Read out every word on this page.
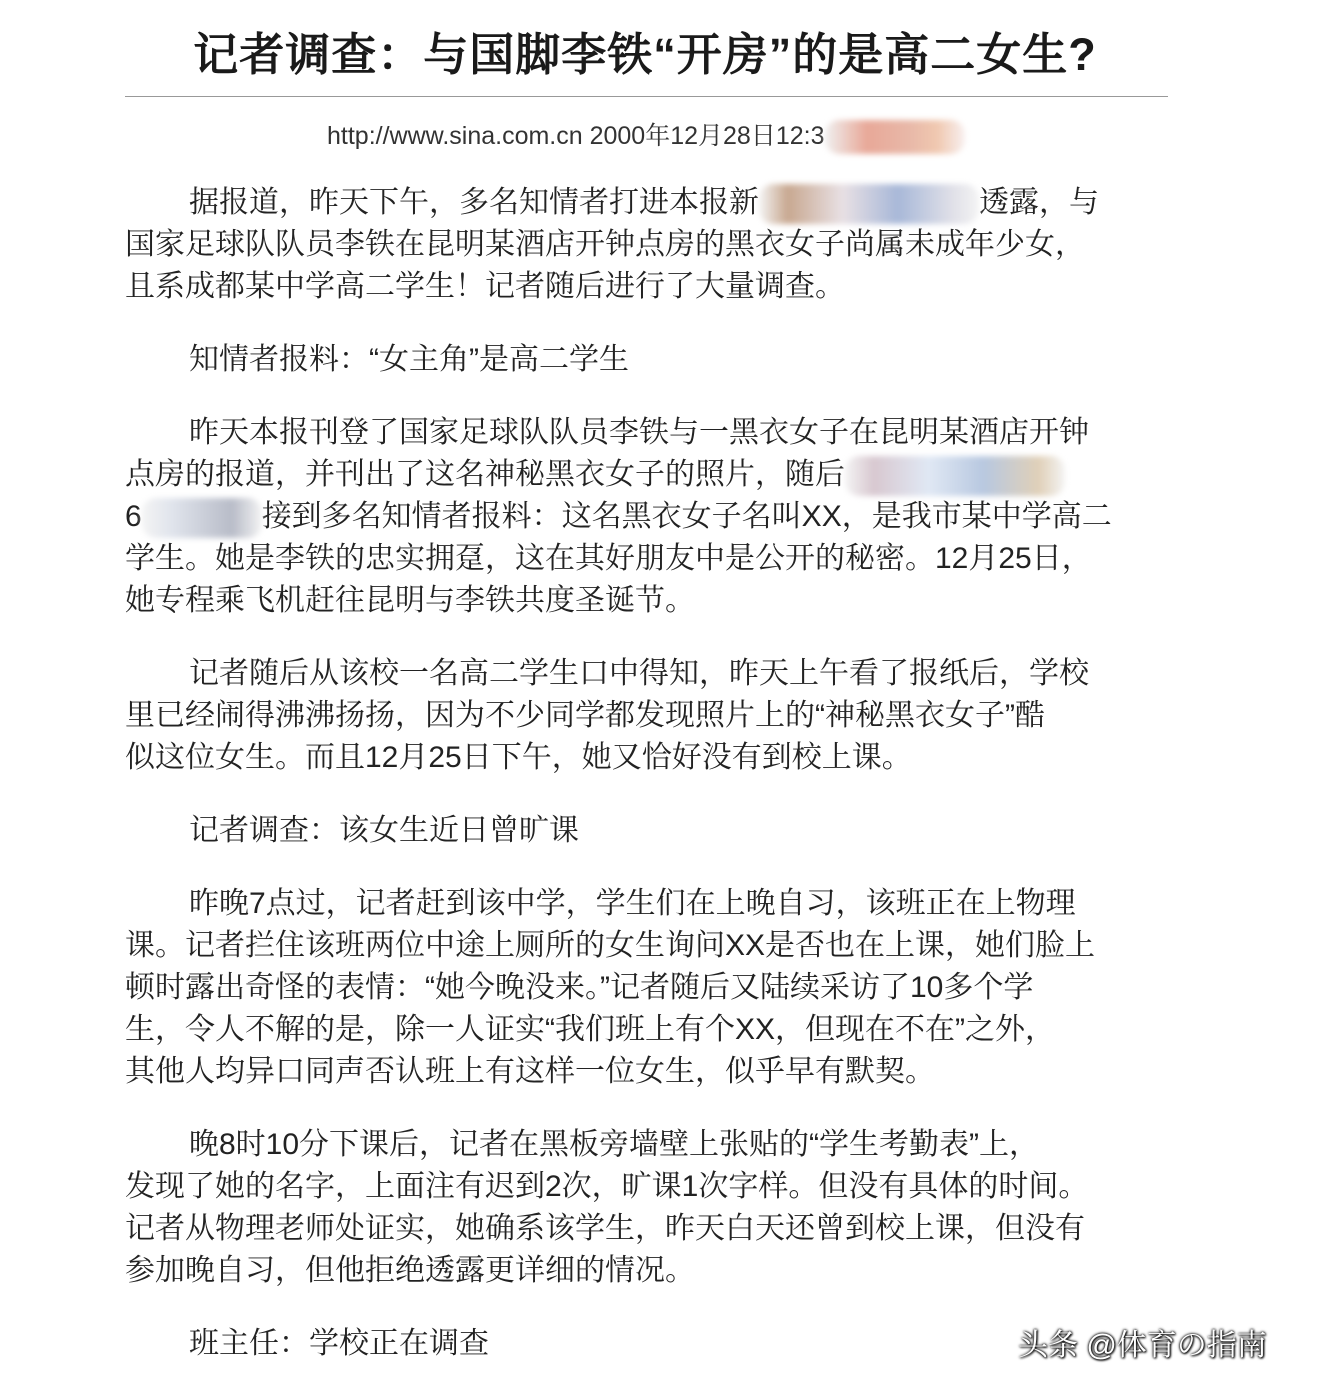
记者调查：与国脚李铁“开房”的是高二女生?
http://www.sina.com.cn 2000年12月28日12:3
据报道，昨天下午，多名知情者打进本报新	透露，与
国家足球队队员李铁在昆明某酒店开钟点房的黑衣女子尚属未成年少女，
且系成都某中学高二学生！记者随后进行了大量调查。
知情者报料：“女主角”是高二学生
昨天本报刊登了国家足球队队员李铁与一黑衣女子在昆明某酒店开钟
点房的报道，并刊出了这名神秘黑衣女子的照片，随后
6	接到多名知情者报料：这名黑衣女子名叫XX，是我市某中学高二
学生。她是李铁的忠实拥趸，这在其好朋友中是公开的秘密。12月25日，
她专程乘飞机赶往昆明与李铁共度圣诞节。
记者随后从该校一名高二学生口中得知，昨天上午看了报纸后，学校
里已经闹得沸沸扬扬，因为不少同学都发现照片上的“神秘黑衣女子”酷
似这位女生。而且12月25日下午，她又恰好没有到校上课。
记者调查：该女生近日曾旷课
昨晚7点过，记者赶到该中学，学生们在上晚自习，该班正在上物理
课。记者拦住该班两位中途上厕所的女生询问XX是否也在上课，她们脸上
顿时露出奇怪的表情：“她今晚没来。”记者随后又陆续采访了10多个学
生，令人不解的是，除一人证实“我们班上有个XX，但现在不在”之外，
其他人均异口同声否认班上有这样一位女生，似乎早有默契。
晚8时10分下课后，记者在黑板旁墙壁上张贴的“学生考勤表”上，
发现了她的名字，上面注有迟到2次，旷课1次字样。但没有具体的时间。
记者从物理老师处证实，她确系该学生，昨天白天还曾到校上课，但没有
参加晚自习，但他拒绝透露更详细的情况。
班主任：学校正在调查	头条 @体育の指南
